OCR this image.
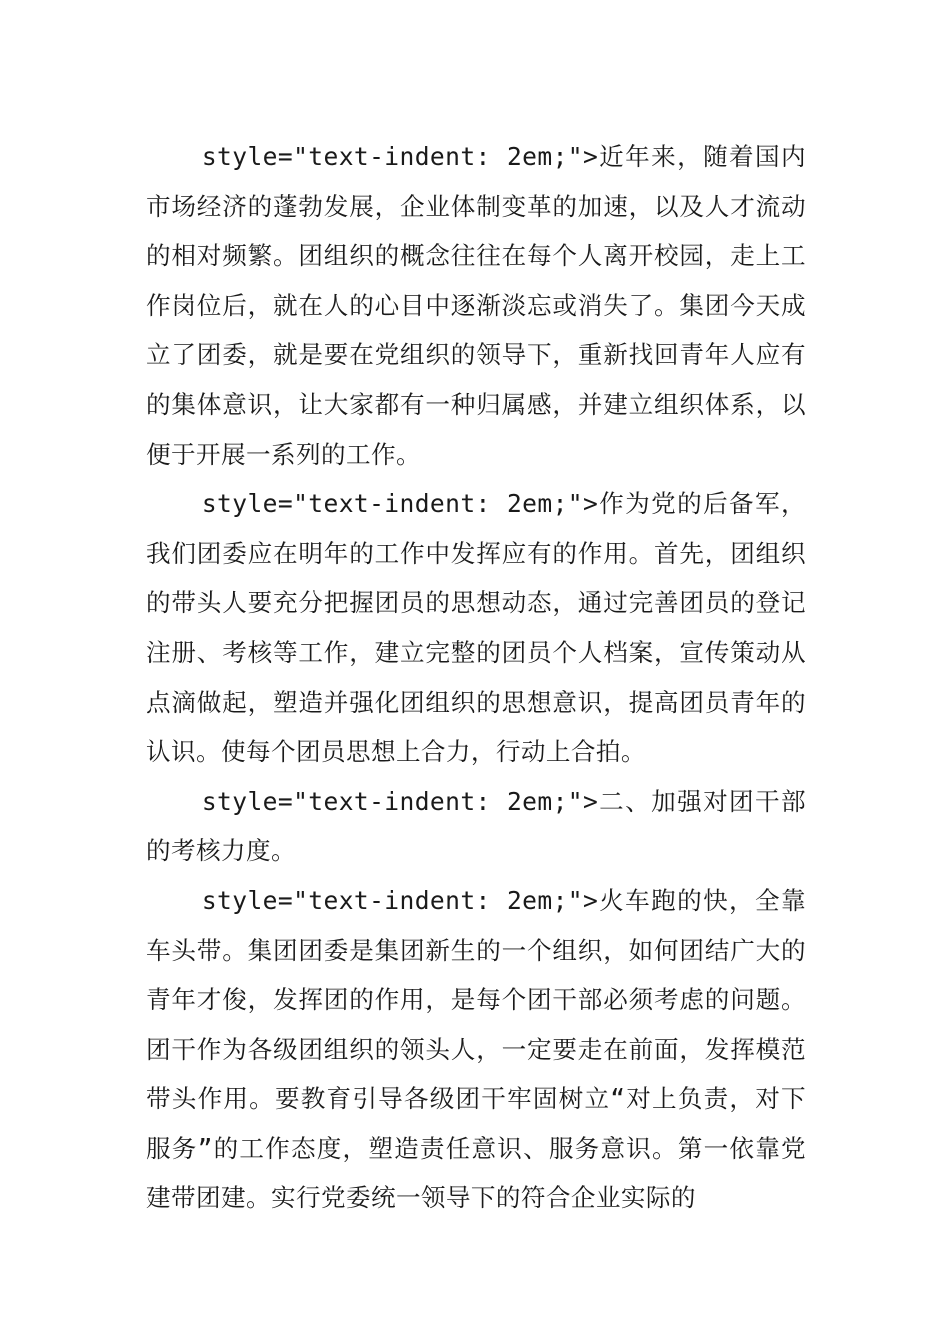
style="text-indent: 2em;">近年来，随着国内市场经济的蓬勃发展，企业体制变革的加速，以及人才流动的相对频繁。团组织的概念往往在每个人离开校园，走上工作岗位后，就在人的心目中逐渐淡忘或消失了。集团今天成立了团委，就是要在党组织的领导下，重新找回青年人应有的集体意识，让大家都有一种归属感，并建立组织体系，以便于开展一系列的工作。

style="text-indent: 2em;">作为党的后备军，我们团委应在明年的工作中发挥应有的作用。首先，团组织的带头人要充分把握团员的思想动态，通过完善团员的登记注册、考核等工作，建立完整的团员个人档案，宣传策动从点滴做起，塑造并强化团组织的思想意识，提高团员青年的认识。使每个团员思想上合力，行动上合拍。

style="text-indent: 2em;">二、加强对团干部的考核力度。

style="text-indent: 2em;">火车跑的快，全靠车头带。集团团委是集团新生的一个组织，如何团结广大的青年才俊，发挥团的作用，是每个团干部必须考虑的问题。团干作为各级团组织的领头人，一定要走在前面，发挥模范带头作用。要教育引导各级团干牢固树立“对上负责，对下服务”的工作态度，塑造责任意识、服务意识。第一依靠党建带团建。实行党委统一领导下的符合企业实际的
